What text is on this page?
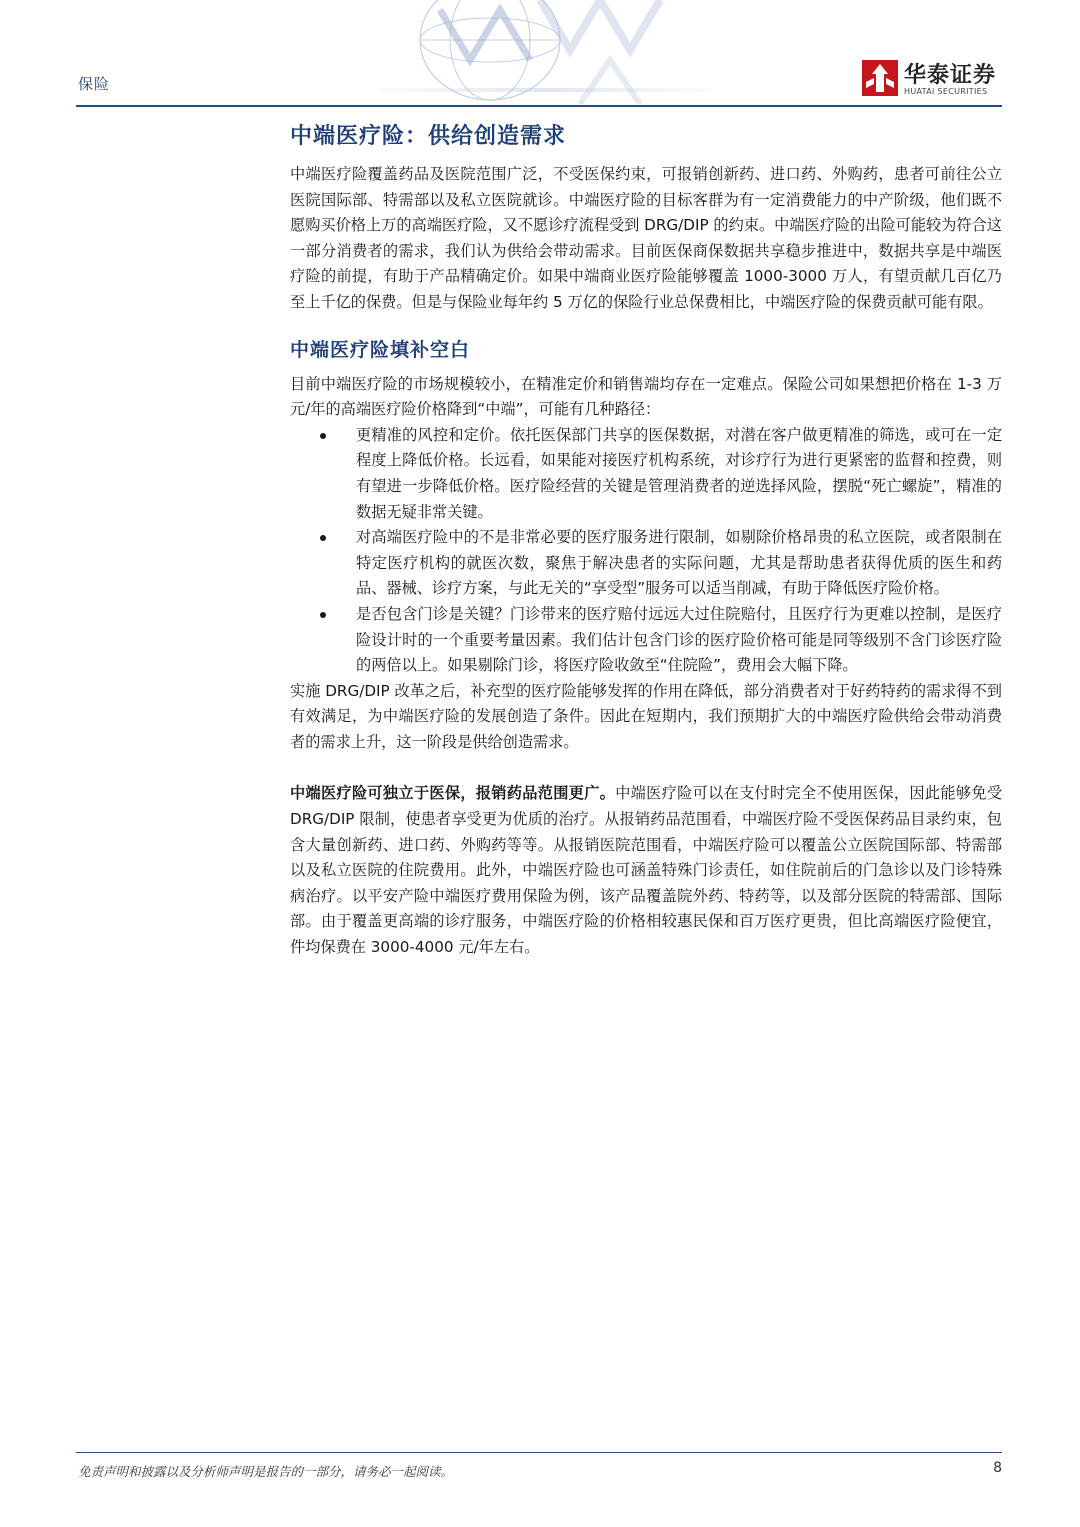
保险	华泰证券
HUATAI SECURITIES
中端医疗险：供给创造需求

中端医疗险覆盖药品及医院范围广泛，不受医保约束，可报销创新药、进口药、外购药，患者可前往公立医院国际部、特需部以及私立医院就诊。中端医疗险的目标客群为有一定消费能力的中产阶级，他们既不愿购买价格上万的高端医疗险，又不愿诊疗流程受到 DRG/DIP 的约束。中端医疗险的出险可能较为符合这一部分消费者的需求，我们认为供给会带动需求。目前医保商保数据共享稳步推进中，数据共享是中端医疗险的前提，有助于产品精确定价。如果中端商业医疗险能够覆盖 1000-3000 万人，有望贡献几百亿乃至上千亿的保费。但是与保险业每年约 5 万亿的保险行业总保费相比，中端医疗险的保费贡献可能有限。

中端医疗险填补空白

目前中端医疗险的市场规模较小，在精准定价和销售端均存在一定难点。保险公司如果想把价格在 1-3 万元/年的高端医疗险价格降到“中端”，可能有几种路径：

更精准的风控和定价。依托医保部门共享的医保数据，对潜在客户做更精准的筛选，或可在一定程度上降低价格。长远看，如果能对接医疗机构系统，对诊疗行为进行更紧密的监督和控费，则有望进一步降低价格。医疗险经营的关键是管理消费者的逆选择风险，摆脱“死亡螺旋”，精准的数据无疑非常关键。
对高端医疗险中的不是非常必要的医疗服务进行限制，如剔除价格昂贵的私立医院，或者限制在特定医疗机构的就医次数，聚焦于解决患者的实际问题，尤其是帮助患者获得优质的医生和药品、器械、诊疗方案，与此无关的“享受型”服务可以适当削减，有助于降低医疗险价格。
是否包含门诊是关键？门诊带来的医疗赔付远远大过住院赔付，且医疗行为更难以控制，是医疗险设计时的一个重要考量因素。我们估计包含门诊的医疗险价格可能是同等级别不含门诊医疗险的两倍以上。如果剔除门诊，将医疗险收敛至“住院险”，费用会大幅下降。

实施 DRG/DIP 改革之后，补充型的医疗险能够发挥的作用在降低，部分消费者对于好药特药的需求得不到有效满足，为中端医疗险的发展创造了条件。因此在短期内，我们预期扩大的中端医疗险供给会带动消费者的需求上升，这一阶段是供给创造需求。

中端医疗险可独立于医保，报销药品范围更广。中端医疗险可以在支付时完全不使用医保，因此能够免受 DRG/DIP 限制，使患者享受更为优质的治疗。从报销药品范围看，中端医疗险不受医保药品目录约束，包含大量创新药、进口药、外购药等等。从报销医院范围看，中端医疗险可以覆盖公立医院国际部、特需部以及私立医院的住院费用。此外，中端医疗险也可涵盖特殊门诊责任，如住院前后的门急诊以及门诊特殊病治疗。以平安产险中端医疗费用保险为例，该产品覆盖院外药、特药等，以及部分医院的特需部、国际部。由于覆盖更高端的诊疗服务，中端医疗险的价格相较惠民保和百万医疗更贵，但比高端医疗险便宜，件均保费在 3000-4000 元/年左右。

免责声明和披露以及分析师声明是报告的一部分，请务必一起阅读。	8
